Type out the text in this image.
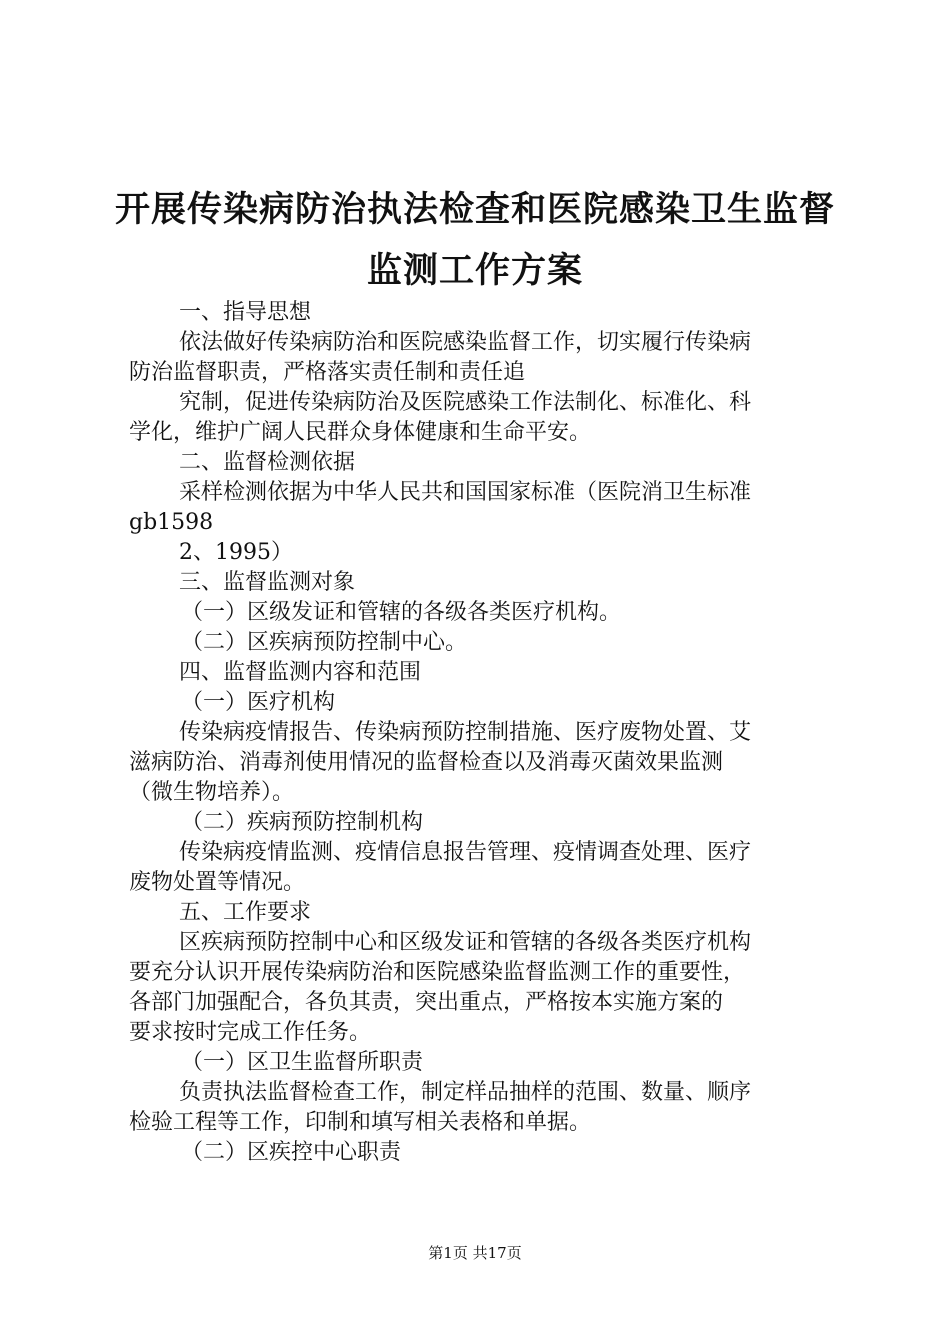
开展传染病防治执法检查和医院感染卫生监督
监测工作方案

一、指导思想

依法做好传染病防治和医院感染监督工作，切实履行传染病

防治监督职责，严格落实责任制和责任追

究制，促进传染病防治及医院感染工作法制化、标准化、科

学化，维护广阔人民群众身体健康和生命平安。

二、监督检测依据

采样检测依据为中华人民共和国国家标准（医院消卫生标准

gb1598

2、1995）

三、监督监测对象

（一）区级发证和管辖的各级各类医疗机构。

（二）区疾病预防控制中心。

四、监督监测内容和范围

（一）医疗机构

传染病疫情报告、传染病预防控制措施、医疗废物处置、艾

滋病防治、消毒剂使用情况的监督检查以及消毒灭菌效果监测

（微生物培养）。

（二）疾病预防控制机构

传染病疫情监测、疫情信息报告管理、疫情调查处理、医疗

废物处置等情况。

五、工作要求

区疾病预防控制中心和区级发证和管辖的各级各类医疗机构

要充分认识开展传染病防治和医院感染监督监测工作的重要性，

各部门加强配合，各负其责，突出重点，严格按本实施方案的

要求按时完成工作任务。

（一）区卫生监督所职责

负责执法监督检查工作，制定样品抽样的范围、数量、顺序

检验工程等工作，印制和填写相关表格和单据。

（二）区疾控中心职责

第1页 共17页
